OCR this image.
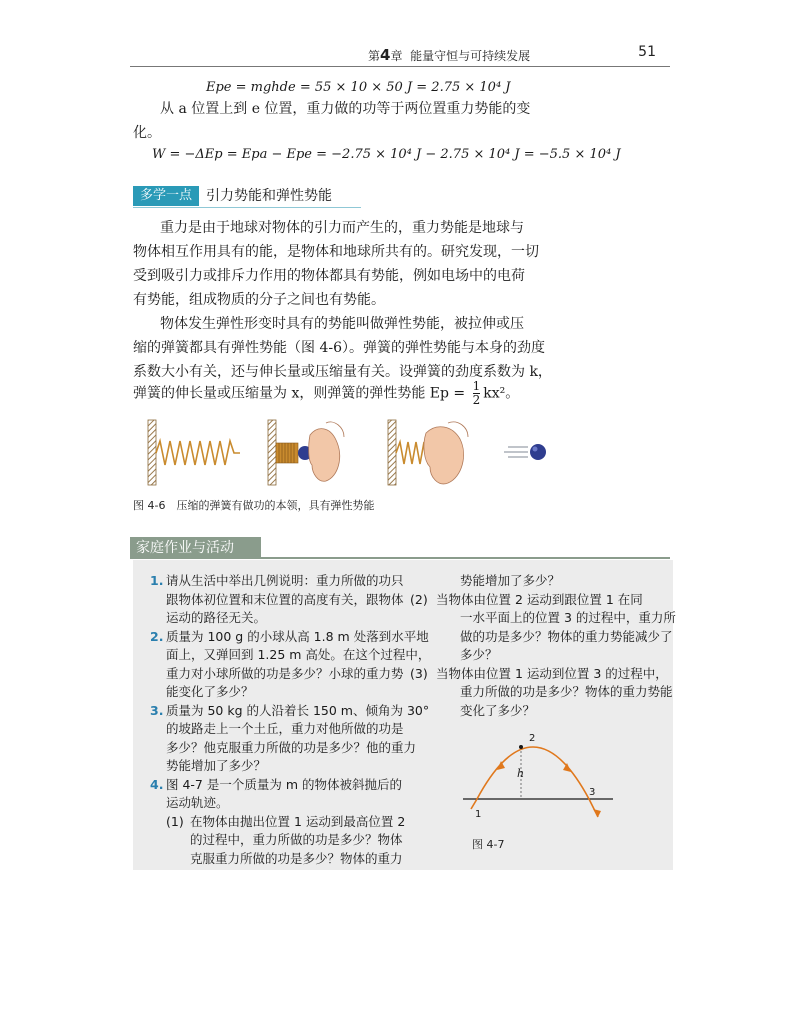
第4章 能量守恒与可持续发展	51
Epe = mghde = 55 × 10 × 50 J = 2.75 × 10⁴ J
从 a 位置上到 e 位置，重力做的功等于两位置重力势能的变
化。
W = −ΔEp = Epa − Epe = −2.75 × 10⁴ J − 2.75 × 10⁴ J = −5.5 × 10⁴ J
多学一点	引力势能和弹性势能
重力是由于地球对物体的引力而产生的，重力势能是地球与
物体相互作用具有的能，是物体和地球所共有的。研究发现，一切
受到吸引力或排斥力作用的物体都具有势能，例如电场中的电荷
有势能，组成物质的分子之间也有势能。
物体发生弹性形变时具有的势能叫做弹性势能，被拉伸或压
缩的弹簧都具有弹性势能（图 4-6）。弹簧的弹性势能与本身的劲度
系数大小有关，还与伸长量或压缩量有关。设弹簧的劲度系数为 k，
弹簧的伸长量或压缩量为 x，则弹簧的弹性势能 $Ep = \frac{1}{2} kx^2$。
图 4-6　压缩的弹簧有做功的本领，具有弹性势能
家庭作业与活动
1. 请从生活中举出几例说明：重力所做的功只
跟物体初位置和末位置的高度有关，跟物体
运动的路径无关。
2. 质量为 100 g 的小球从高 1.8 m 处落到水平地
面上，又弹回到 1.25 m 高处。在这个过程中，
重力对小球所做的功是多少？小球的重力势
能变化了多少？
3. 质量为 50 kg 的人沿着长 150 m、倾角为 30°
的坡路走上一个土丘，重力对他所做的功是
多少？他克服重力所做的功是多少？他的重力
势能增加了多少？
4. 图 4-7 是一个质量为 m 的物体被斜抛后的
运动轨迹。
(1) 在物体由抛出位置 1 运动到最高位置 2
的过程中，重力所做的功是多少？物体
克服重力所做的功是多少？物体的重力
势能增加了多少？
(2) 当物体由位置 2 运动到跟位置 1 在同
一水平面上的位置 3 的过程中，重力所
做的功是多少？物体的重力势能减少了
多少？
(3) 当物体由位置 1 运动到位置 3 的过程中，
重力所做的功是多少？物体的重力势能
变化了多少？
2
h
1
3
图 4-7
